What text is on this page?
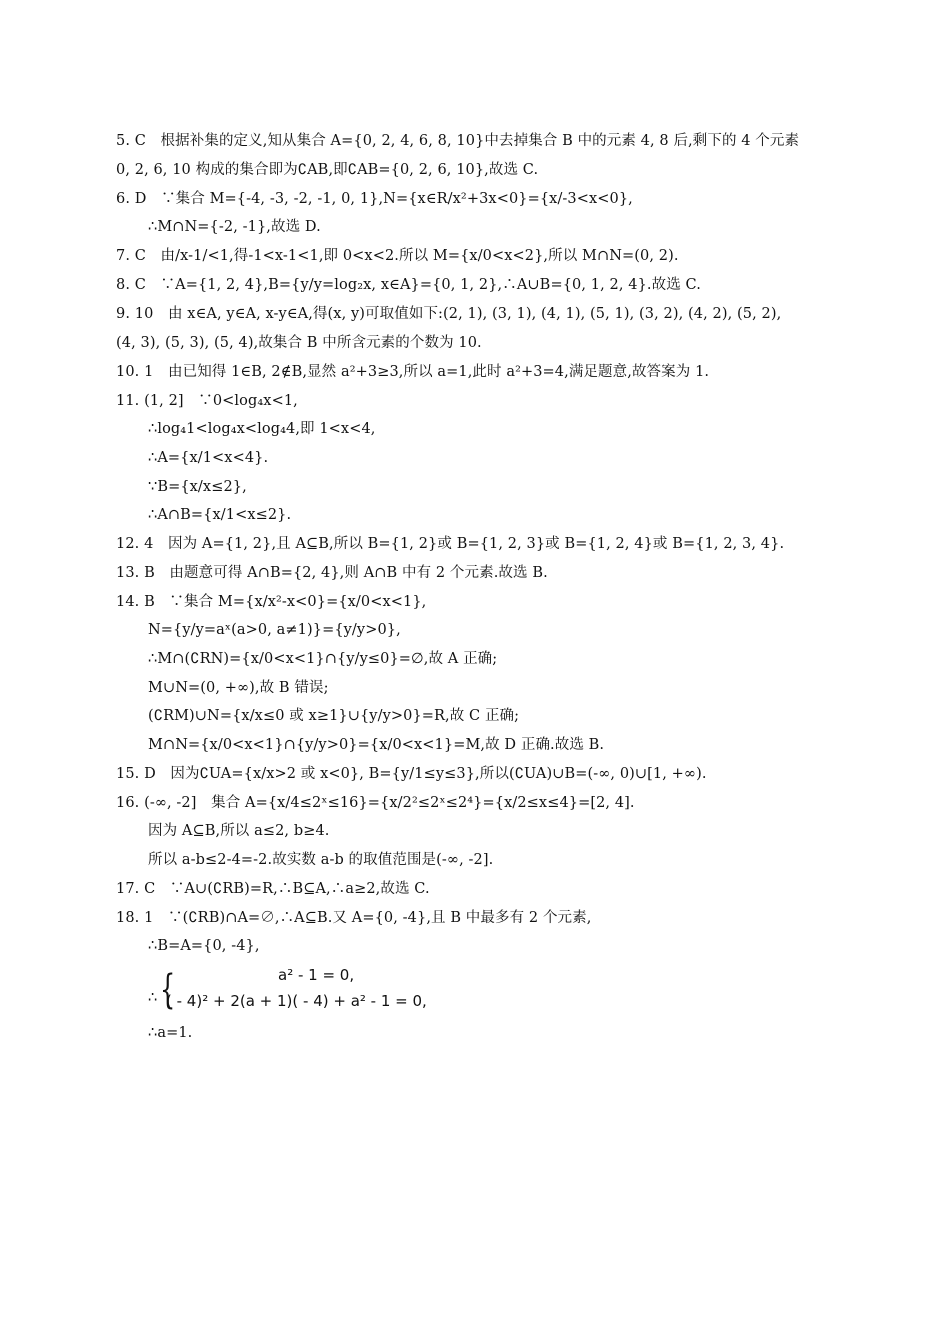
5. C　根据补集的定义,知从集合 A={0, 2, 4, 6, 8, 10}中去掉集合 B 中的元素 4, 8 后,剩下的 4 个元素
0, 2, 6, 10 构成的集合即为∁AB,即∁AB={0, 2, 6, 10},故选 C.
6. D　∵集合 M={-4, -3, -2, -1, 0, 1},N={x∈R/x²+3x<0}={x/-3<x<0},
∴M∩N={-2, -1},故选 D.
7. C　由/x-1/<1,得-1<x-1<1,即 0<x<2.所以 M={x/0<x<2},所以 M∩N=(0, 2).
8. C　∵A={1, 2, 4},B={y/y=log₂x, x∈A}={0, 1, 2},∴A∪B={0, 1, 2, 4}.故选 C.
9. 10　由 x∈A, y∈A, x-y∈A,得(x, y)可取值如下:(2, 1), (3, 1), (4, 1), (5, 1), (3, 2), (4, 2), (5, 2),
(4, 3), (5, 3), (5, 4),故集合 B 中所含元素的个数为 10.
10. 1　由已知得 1∈B, 2∉B,显然 a²+3≥3,所以 a=1,此时 a²+3=4,满足题意,故答案为 1.
11. (1, 2]　∵0<log₄x<1,
∴log₄1<log₄x<log₄4,即 1<x<4,
∴A={x/1<x<4}.
∵B={x/x≤2},
∴A∩B={x/1<x≤2}.
12. 4　因为 A={1, 2},且 A⊆B,所以 B={1, 2}或 B={1, 2, 3}或 B={1, 2, 4}或 B={1, 2, 3, 4}.
13. B　由题意可得 A∩B={2, 4},则 A∩B 中有 2 个元素.故选 B.
14. B　∵集合 M={x/x²-x<0}={x/0<x<1},
N={y/y=aˣ(a>0, a≠1)}={y/y>0},
∴M∩(∁RN)={x/0<x<1}∩{y/y≤0}=∅,故 A 正确;
M∪N=(0, +∞),故 B 错误;
(∁RM)∪N={x/x≤0 或 x≥1}∪{y/y>0}=R,故 C 正确;
M∩N={x/0<x<1}∩{y/y>0}={x/0<x<1}=M,故 D 正确.故选 B.
15. D　因为∁UA={x/x>2 或 x<0}, B={y/1≤y≤3},所以(∁UA)∪B=(-∞, 0)∪[1, +∞).
16. (-∞, -2]　集合 A={x/4≤2ˣ≤16}={x/2²≤2ˣ≤2⁴}={x/2≤x≤4}=[2, 4].
因为 A⊆B,所以 a≤2, b≥4.
所以 a-b≤2-4=-2.故实数 a-b 的取值范围是(-∞, -2].
17. C　∵A∪(∁RB)=R,∴B⊆A,∴a≥2,故选 C.
18. 1　∵(∁RB)∩A=∅,∴A⊆B.又 A={0, -4},且 B 中最多有 2 个元素,
∴B=A={0, -4},
∴ {	a² - 1 = 0,
( - 4)² + 2(a + 1)( - 4) + a² - 1 = 0,
∴a=1.
